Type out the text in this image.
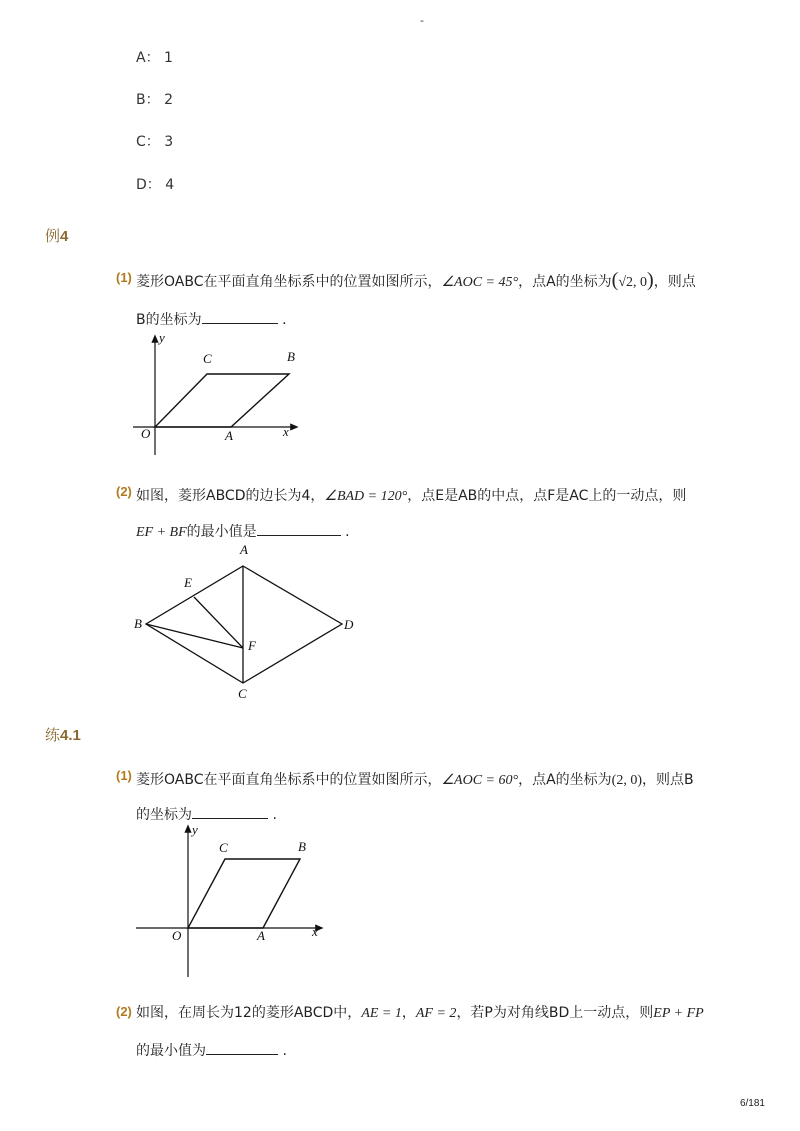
-
A： 1
B： 2
C： 3
D： 4
例4
(1) 菱形OABC在平面直角坐标系中的位置如图所示，∠AOC = 45°，点A的坐标为(√2, 0)，则点
B的坐标为	.
y
x
O	A
B
C
(2) 如图，菱形ABCD的边长为4，∠BAD = 120°，点E是AB的中点，点F是AC上的一动点，则
EF + BF的最小值是	.
A
B
C
D
E
F
练4.1
(1) 菱形OABC在平面直角坐标系中的位置如图所示，∠AOC = 60°，点A的坐标为(2, 0)，则点B
的坐标为	.
y
x
O	A
B
C
(2) 如图，在周长为12的菱形ABCD中，AE = 1，AF = 2，若P为对角线BD上一动点，则EP + FP
的最小值为	.
6/181
